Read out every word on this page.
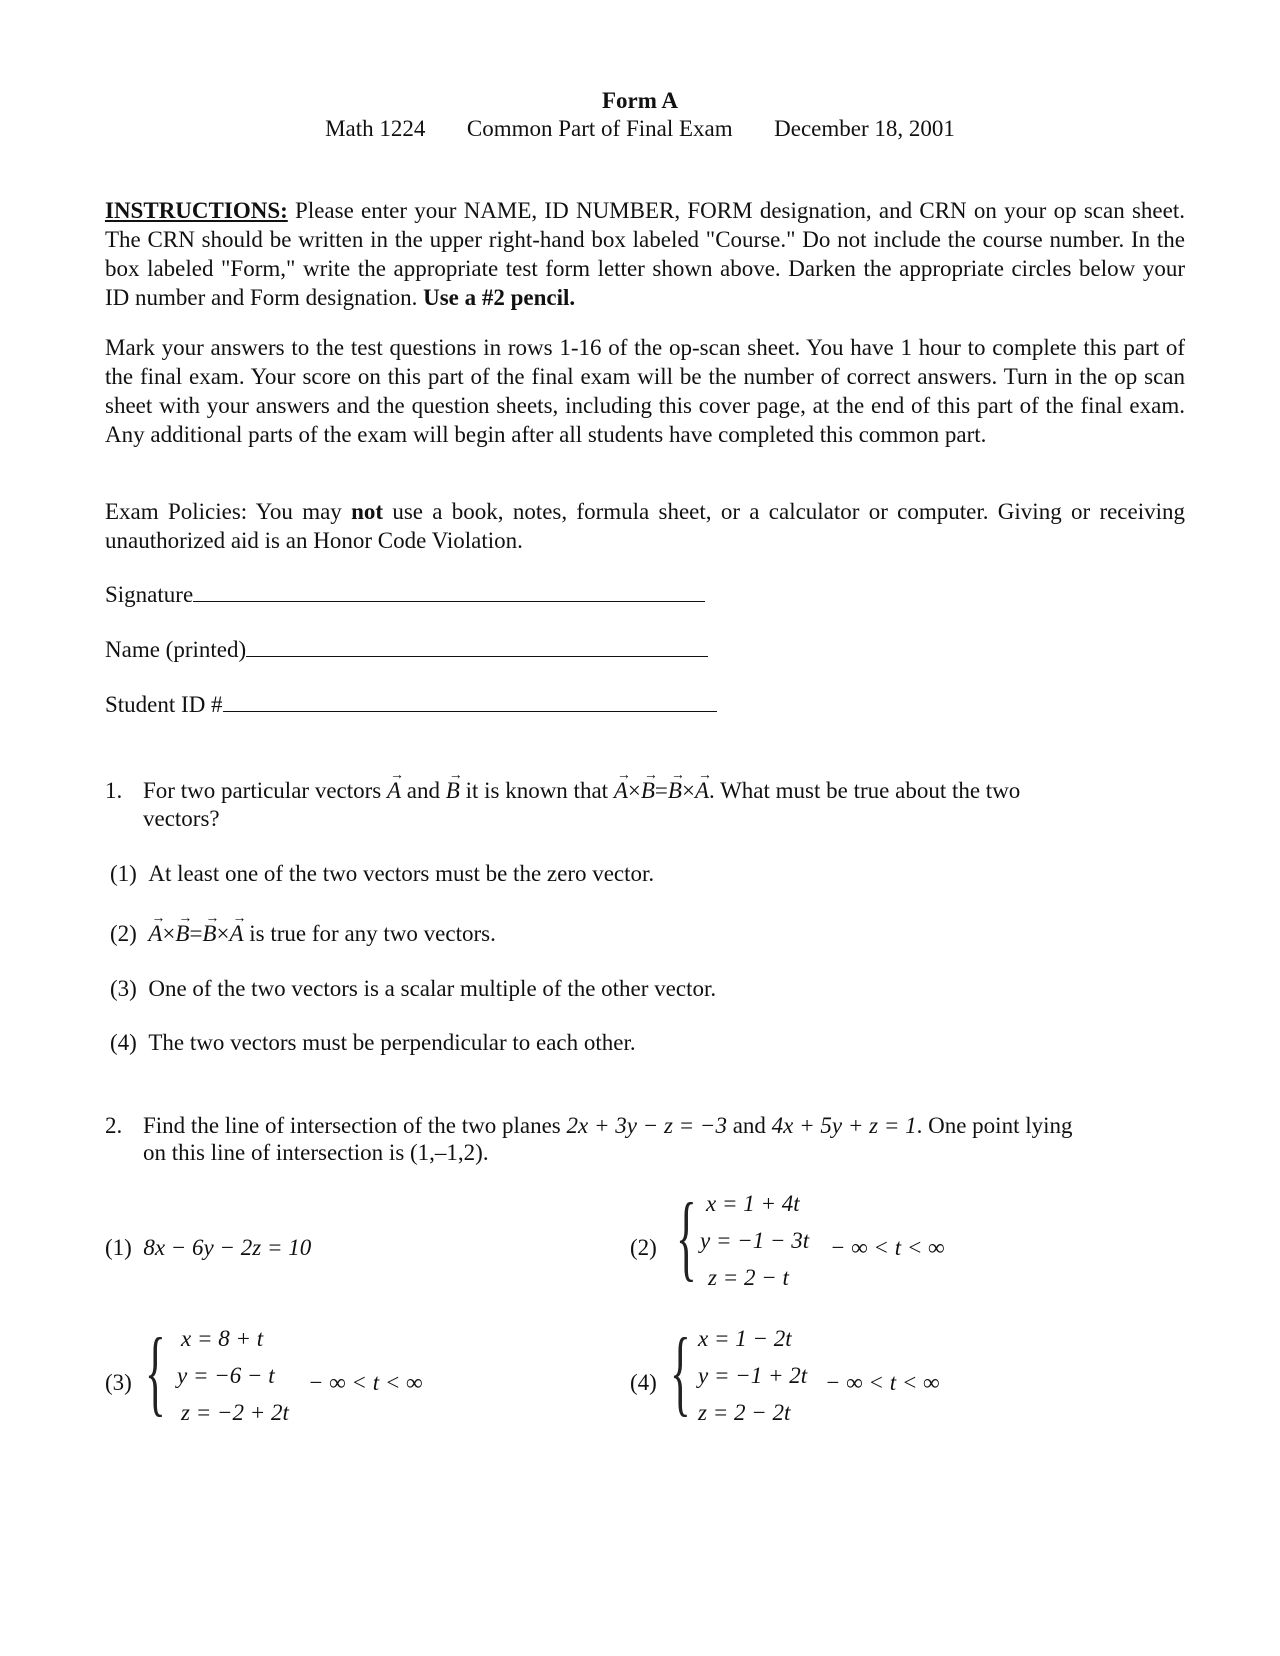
Form A
Math 1224 Common Part of Final Exam December 18, 2001
INSTRUCTIONS: Please enter your NAME, ID NUMBER, FORM designation, and CRN on your op scan sheet. The CRN should be written in the upper right-hand box labeled "Course." Do not include the course number. In the box labeled "Form," write the appropriate test form letter shown above. Darken the appropriate circles below your ID number and Form designation. Use a #2 pencil.
Mark your answers to the test questions in rows 1-16 of the op-scan sheet. You have 1 hour to complete this part of the final exam. Your score on this part of the final exam will be the number of correct answers. Turn in the op scan sheet with your answers and the question sheets, including this cover page, at the end of this part of the final exam. Any additional parts of the exam will begin after all students have completed this common part.
Exam Policies: You may not use a book, notes, formula sheet, or a calculator or computer. Giving or receiving unauthorized aid is an Honor Code Violation.
Signature
Name (printed)
Student ID #
1. For two particular vectors → A and → B it is known that → A×→ B=→ B×→ A. What must be true about the two
vectors?
(1) At least one of the two vectors must be the zero vector.
(2)  → A×→ B=→ B×→ A is true for any two vectors.
(3) One of the two vectors is a scalar multiple of the other vector.
(4) The two vectors must be perpendicular to each other.
2. Find the line of intersection of the two planes 2x + 3y − z = −3 and 4x + 5y + z = 1. One point lying
on this line of intersection is (1,–1,2).
(1) 8x − 6y − 2z = 10	(2) { x = 1 + 4t
y = −1 − 3t
z = 2 − t
− ∞ < t < ∞
(3) { x = 8 + t
y = −6 − t
z = −2 + 2t
− ∞ < t < ∞	(4) { x = 1 − 2t
y = −1 + 2t
z = 2 − 2t
− ∞ < t < ∞
